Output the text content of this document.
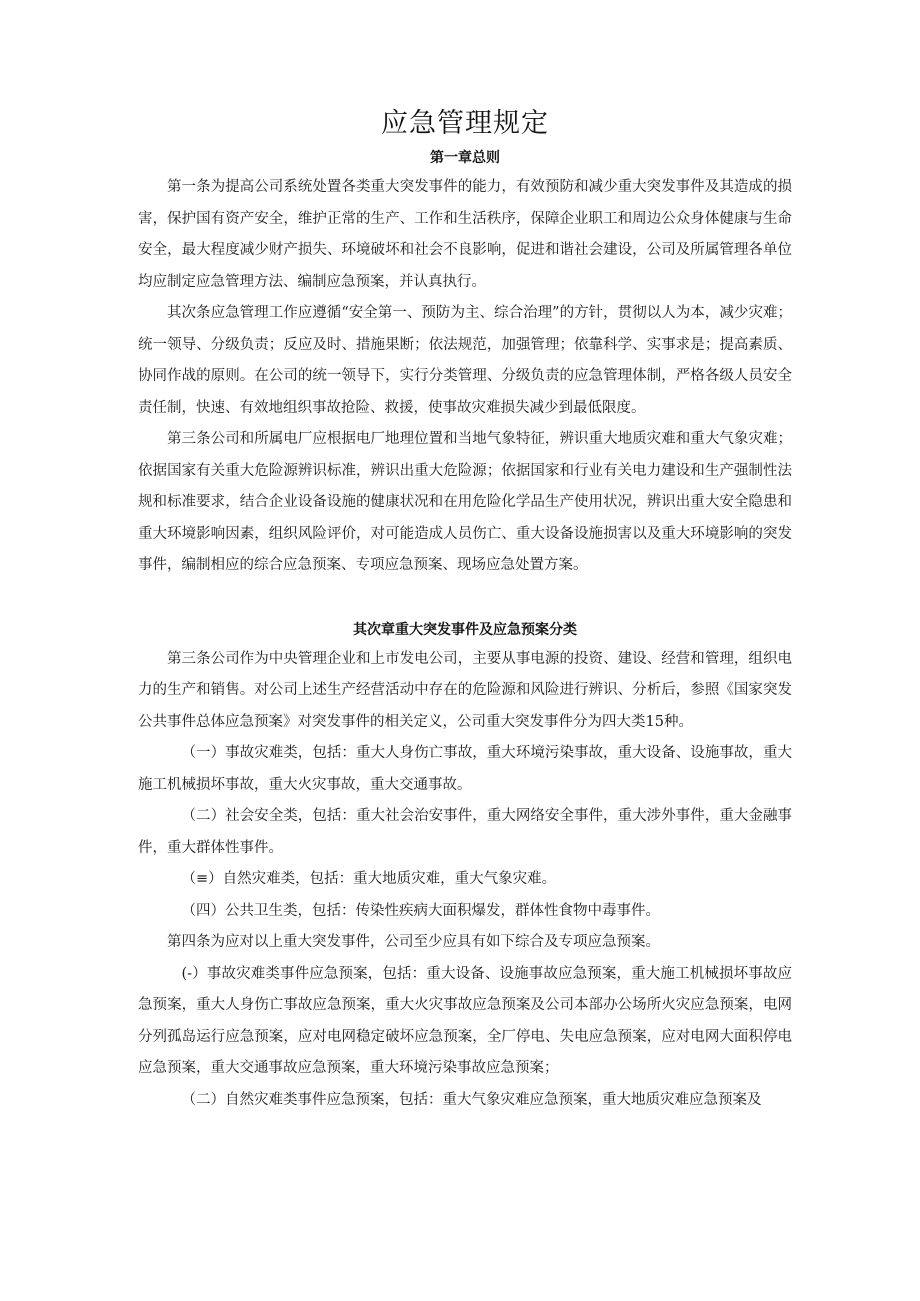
应急管理规定
第一章总则

第一条为提高公司系统处置各类重大突发事件的能力，有效预防和减少重大突发事件及其造成的损害，保护国有资产安全，维护正常的生产、工作和生活秩序，保障企业职工和周边公众身体健康与生命安全，最大程度减少财产损失、环境破坏和社会不良影响，促进和谐社会建设，公司及所属管理各单位均应制定应急管理方法、编制应急预案，并认真执行。

其次条应急管理工作应遵循“安全第一、预防为主、综合治理”的方针，贯彻以人为本，减少灾难；统一领导、分级负责；反应及时、措施果断；依法规范，加强管理；依靠科学、实事求是；提高素质、协同作战的原则。在公司的统一领导下，实行分类管理、分级负责的应急管理体制，严格各级人员安全责任制，快速、有效地组织事故抢险、救援，使事故灾难损失减少到最低限度。

第三条公司和所属电厂应根据电厂地理位置和当地气象特征，辨识重大地质灾难和重大气象灾难；依据国家有关重大危险源辨识标准，辨识出重大危险源；依据国家和行业有关电力建设和生产强制性法规和标准要求，结合企业设备设施的健康状况和在用危险化学品生产使用状况，辨识出重大安全隐患和重大环境影响因素，组织风险评价，对可能造成人员伤亡、重大设备设施损害以及重大环境影响的突发事件，编制相应的综合应急预案、专项应急预案、现场应急处置方案。

其次章重大突发事件及应急预案分类

第三条公司作为中央管理企业和上市发电公司，主要从事电源的投资、建设、经营和管理，组织电力的生产和销售。对公司上述生产经营活动中存在的危险源和风险进行辨识、分析后，参照《国家突发公共事件总体应急预案》对突发事件的相关定义，公司重大突发事件分为四大类15种。

（一）事故灾难类，包括：重大人身伤亡事故，重大环境污染事故，重大设备、设施事故，重大施工机械损坏事故，重大火灾事故，重大交通事故。

（二）社会安全类，包括：重大社会治安事件，重大网络安全事件，重大涉外事件，重大金融事件，重大群体性事件。

（≡）自然灾难类，包括：重大地质灾难，重大气象灾难。

（四）公共卫生类，包括：传染性疾病大面积爆发，群体性食物中毒事件。

第四条为应对以上重大突发事件，公司至少应具有如下综合及专项应急预案。

(-）事故灾难类事件应急预案，包括：重大设备、设施事故应急预案，重大施工机械损坏事故应急预案，重大人身伤亡事故应急预案，重大火灾事故应急预案及公司本部办公场所火灾应急预案，电网分列孤岛运行应急预案，应对电网稳定破坏应急预案，全厂停电、失电应急预案，应对电网大面积停电应急预案，重大交通事故应急预案，重大环境污染事故应急预案；

（二）自然灾难类事件应急预案，包括：重大气象灾难应急预案，重大地质灾难应急预案及
